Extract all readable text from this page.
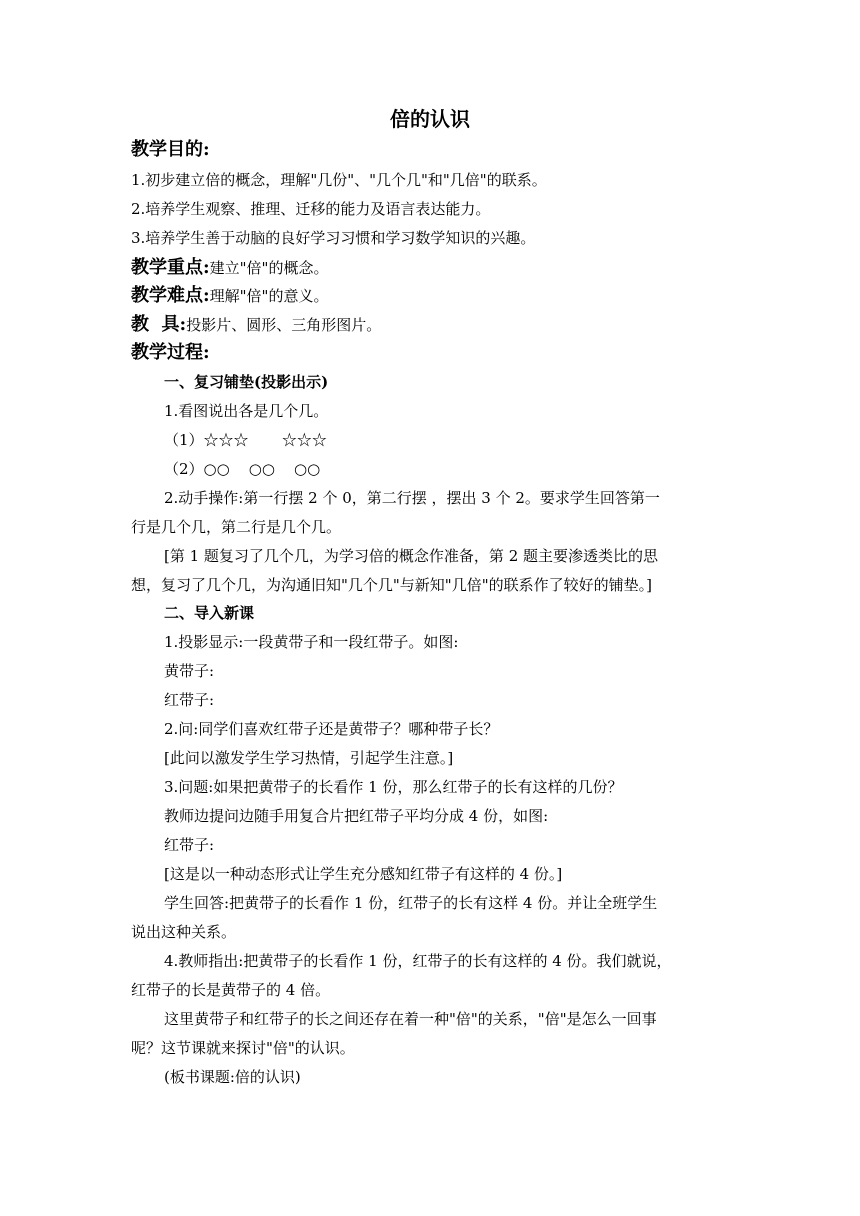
倍的认识
教学目的:
1.初步建立倍的概念，理解"几份"、"几个几"和"几倍"的联系。
2.培养学生观察、推理、迁移的能力及语言表达能力。
3.培养学生善于动脑的良好学习习惯和学习数学知识的兴趣。
教学重点:建立"倍"的概念。
教学难点:理解"倍"的意义。
教  具:投影片、圆形、三角形图片。
教学过程:
一、复习铺垫(投影出示)
1.看图说出各是几个几。
（1）☆☆☆       ☆☆☆
（2）○○    ○○    ○○
2.动手操作:第一行摆 2 个 0，第二行摆 ，摆出 3 个 2。要求学生回答第一
行是几个几，第二行是几个几。
[第 1 题复习了几个几，为学习倍的概念作准备，第 2 题主要渗透类比的思
想，复习了几个几，为沟通旧知"几个几"与新知"几倍"的联系作了较好的铺垫。]
二、导入新课
1.投影显示:一段黄带子和一段红带子。如图:
黄带子:
红带子:
2.问:同学们喜欢红带子还是黄带子？哪种带子长？
[此问以激发学生学习热情，引起学生注意。]
3.问题:如果把黄带子的长看作 1 份，那么红带子的长有这样的几份？
教师边提问边随手用复合片把红带子平均分成 4 份，如图:
红带子:
[这是以一种动态形式让学生充分感知红带子有这样的 4 份。]
学生回答:把黄带子的长看作 1 份，红带子的长有这样 4 份。并让全班学生
说出这种关系。
4.教师指出:把黄带子的长看作 1 份，红带子的长有这样的 4 份。我们就说，
红带子的长是黄带子的 4 倍。
这里黄带子和红带子的长之间还存在着一种"倍"的关系，"倍"是怎么一回事
呢？这节课就来探讨"倍"的认识。
(板书课题:倍的认识)
